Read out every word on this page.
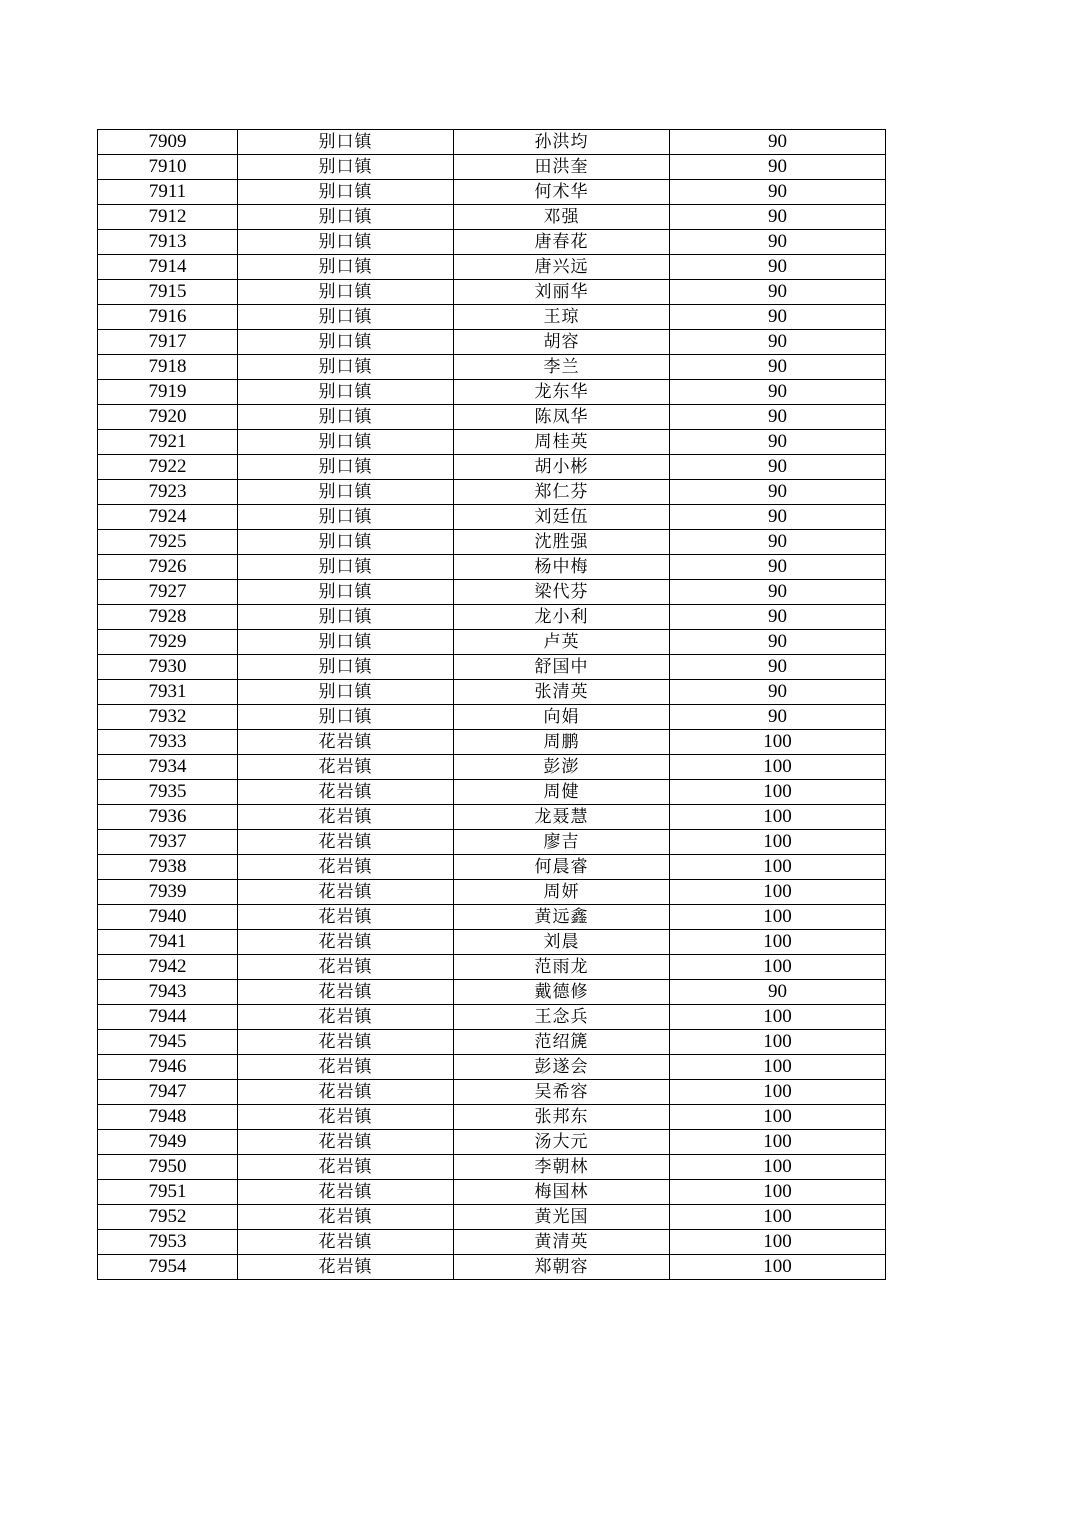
7909	别口镇	孙洪均	90
7910	别口镇	田洪奎	90
7911	别口镇	何术华	90
7912	别口镇	邓强	90
7913	别口镇	唐春花	90
7914	别口镇	唐兴远	90
7915	别口镇	刘丽华	90
7916	别口镇	王琼	90
7917	别口镇	胡容	90
7918	别口镇	李兰	90
7919	别口镇	龙东华	90
7920	别口镇	陈凤华	90
7921	别口镇	周桂英	90
7922	别口镇	胡小彬	90
7923	别口镇	郑仁芬	90
7924	别口镇	刘廷伍	90
7925	别口镇	沈胜强	90
7926	别口镇	杨中梅	90
7927	别口镇	梁代芬	90
7928	别口镇	龙小利	90
7929	别口镇	卢英	90
7930	别口镇	舒国中	90
7931	别口镇	张清英	90
7932	别口镇	向娟	90
7933	花岩镇	周鹏	100
7934	花岩镇	彭澎	100
7935	花岩镇	周健	100
7936	花岩镇	龙聂慧	100
7937	花岩镇	廖吉	100
7938	花岩镇	何晨睿	100
7939	花岩镇	周妍	100
7940	花岩镇	黄远鑫	100
7941	花岩镇	刘晨	100
7942	花岩镇	范雨龙	100
7943	花岩镇	戴德修	90
7944	花岩镇	王念兵	100
7945	花岩镇	范绍篪	100
7946	花岩镇	彭遂会	100
7947	花岩镇	吴希容	100
7948	花岩镇	张邦东	100
7949	花岩镇	汤大元	100
7950	花岩镇	李朝林	100
7951	花岩镇	梅国林	100
7952	花岩镇	黄光国	100
7953	花岩镇	黄清英	100
7954	花岩镇	郑朝容	100
